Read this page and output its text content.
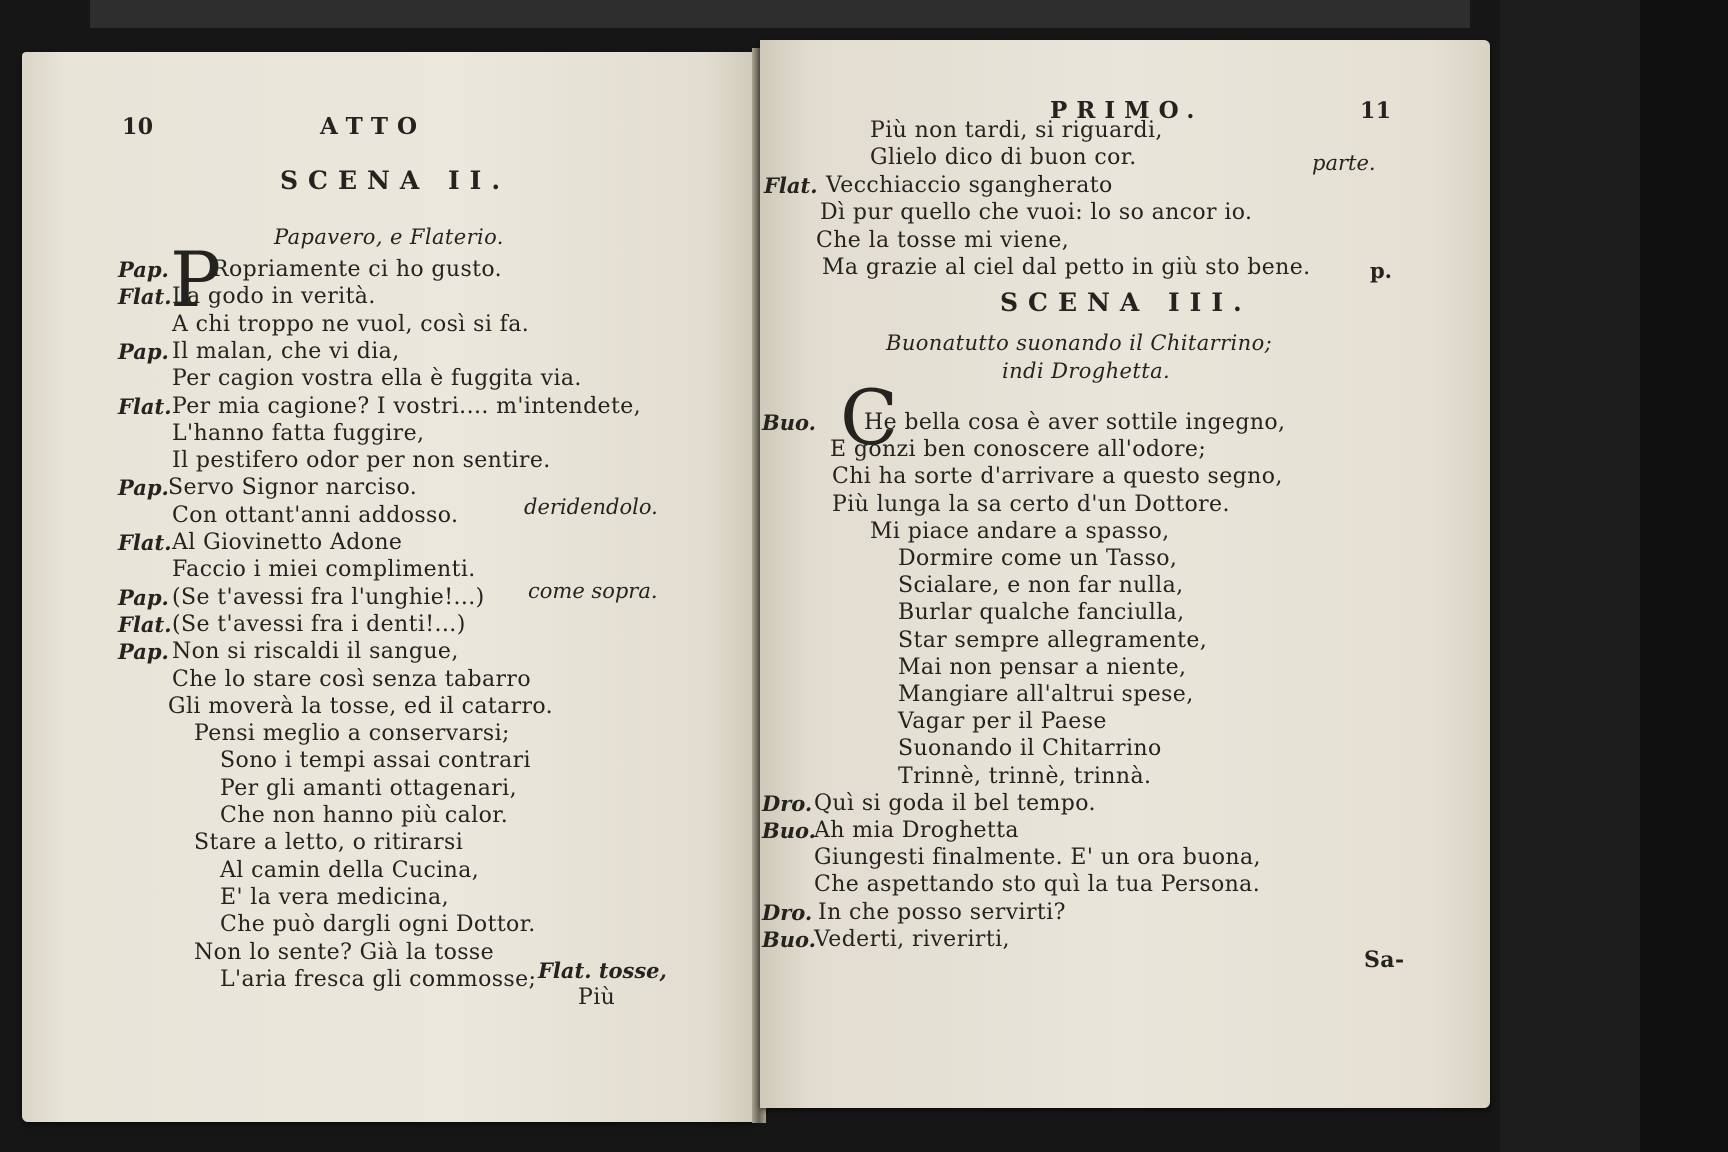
10	ATTO
SCENA II.
Papavero, e Flaterio.
P
Pap. Ropriamente ci ho gusto.
Flat. La godo in verità.
A chi troppo ne vuol, così si fa.
Pap. Il malan, che vi dia,
Per cagion vostra ella è fuggita via.
Flat. Per mia cagione? I vostri.... m'intendete,
L'hanno fatta fuggire,
Il pestifero odor per non sentire.
Pap. Servo Signor narciso.
Con ottant'anni addosso.
Flat. Al Giovinetto Adone
Faccio i miei complimenti.
Pap. (Se t'avessi fra l'unghie!...)
Flat. (Se t'avessi fra i denti!...)
Pap. Non si riscaldi il sangue,
Che lo stare così senza tabarro
Gli moverà la tosse, ed il catarro.
Pensi meglio a conservarsi;
Sono i tempi assai contrari
Per gli amanti ottagenari,
Che non hanno più calor.
Stare a letto, o ritirarsi
Al camin della Cucina,
E' la vera medicina,
Che può dargli ogni Dottor.
Non lo sente? Già la tosse
L'aria fresca gli commosse;
deridendolo.
come sopra.
Flat. tosse,
Più
PRIMO.	11
Più non tardi, si riguardi,
Glielo dico di buon cor.
Flat. Vecchiaccio sgangherato
Dì pur quello che vuoi: lo so ancor io.
Che la tosse mi viene,
Ma grazie al ciel dal petto in giù sto bene.
parte.
p.
SCENA III.
Buonatutto suonando il Chitarrino;
indi Droghetta.
C
Buo. He bella cosa è aver sottile ingegno,
E gonzi ben conoscere all'odore;
Chi ha sorte d'arrivare a questo segno,
Più lunga la sa certo d'un Dottore.
Mi piace andare a spasso,
Dormire come un Tasso,
Scialare, e non far nulla,
Burlar qualche fanciulla,
Star sempre allegramente,
Mai non pensar a niente,
Mangiare all'altrui spese,
Vagar per il Paese
Suonando il Chitarrino
Trinnè, trinnè, trinnà.
Dro. Quì si goda il bel tempo.
Buo.
Ah mia Droghetta
Giungesti finalmente. E' un ora buona,
Che aspettando sto quì la tua Persona.
Dro. In che posso servirti?
Buo.
Vederti, riverirti,
Sa-
